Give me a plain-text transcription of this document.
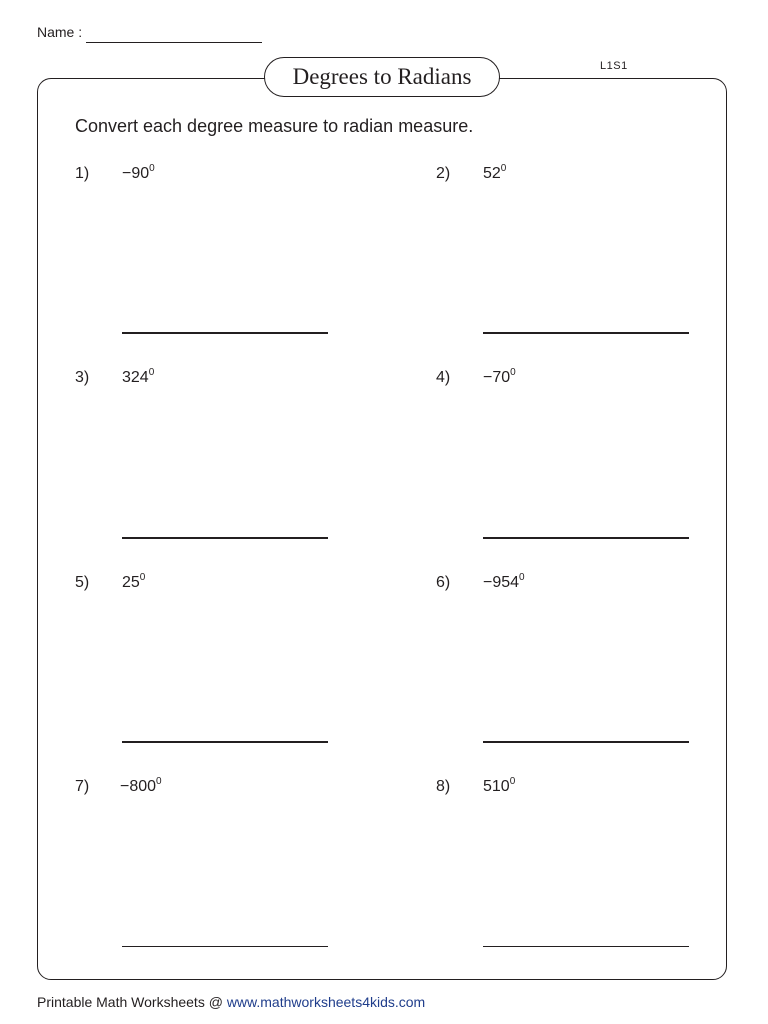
Name :
Degrees to Radians	L1S1
Convert each degree measure to radian measure.
$1) -90^0$	2) $52^0$
3) $324^0$	$4) -70^0$
5) $25^0$	$6) -954^0$
$7) -800^0$	8) $510^0$
Printable Math Worksheets @ www.mathworksheets4kids.com
